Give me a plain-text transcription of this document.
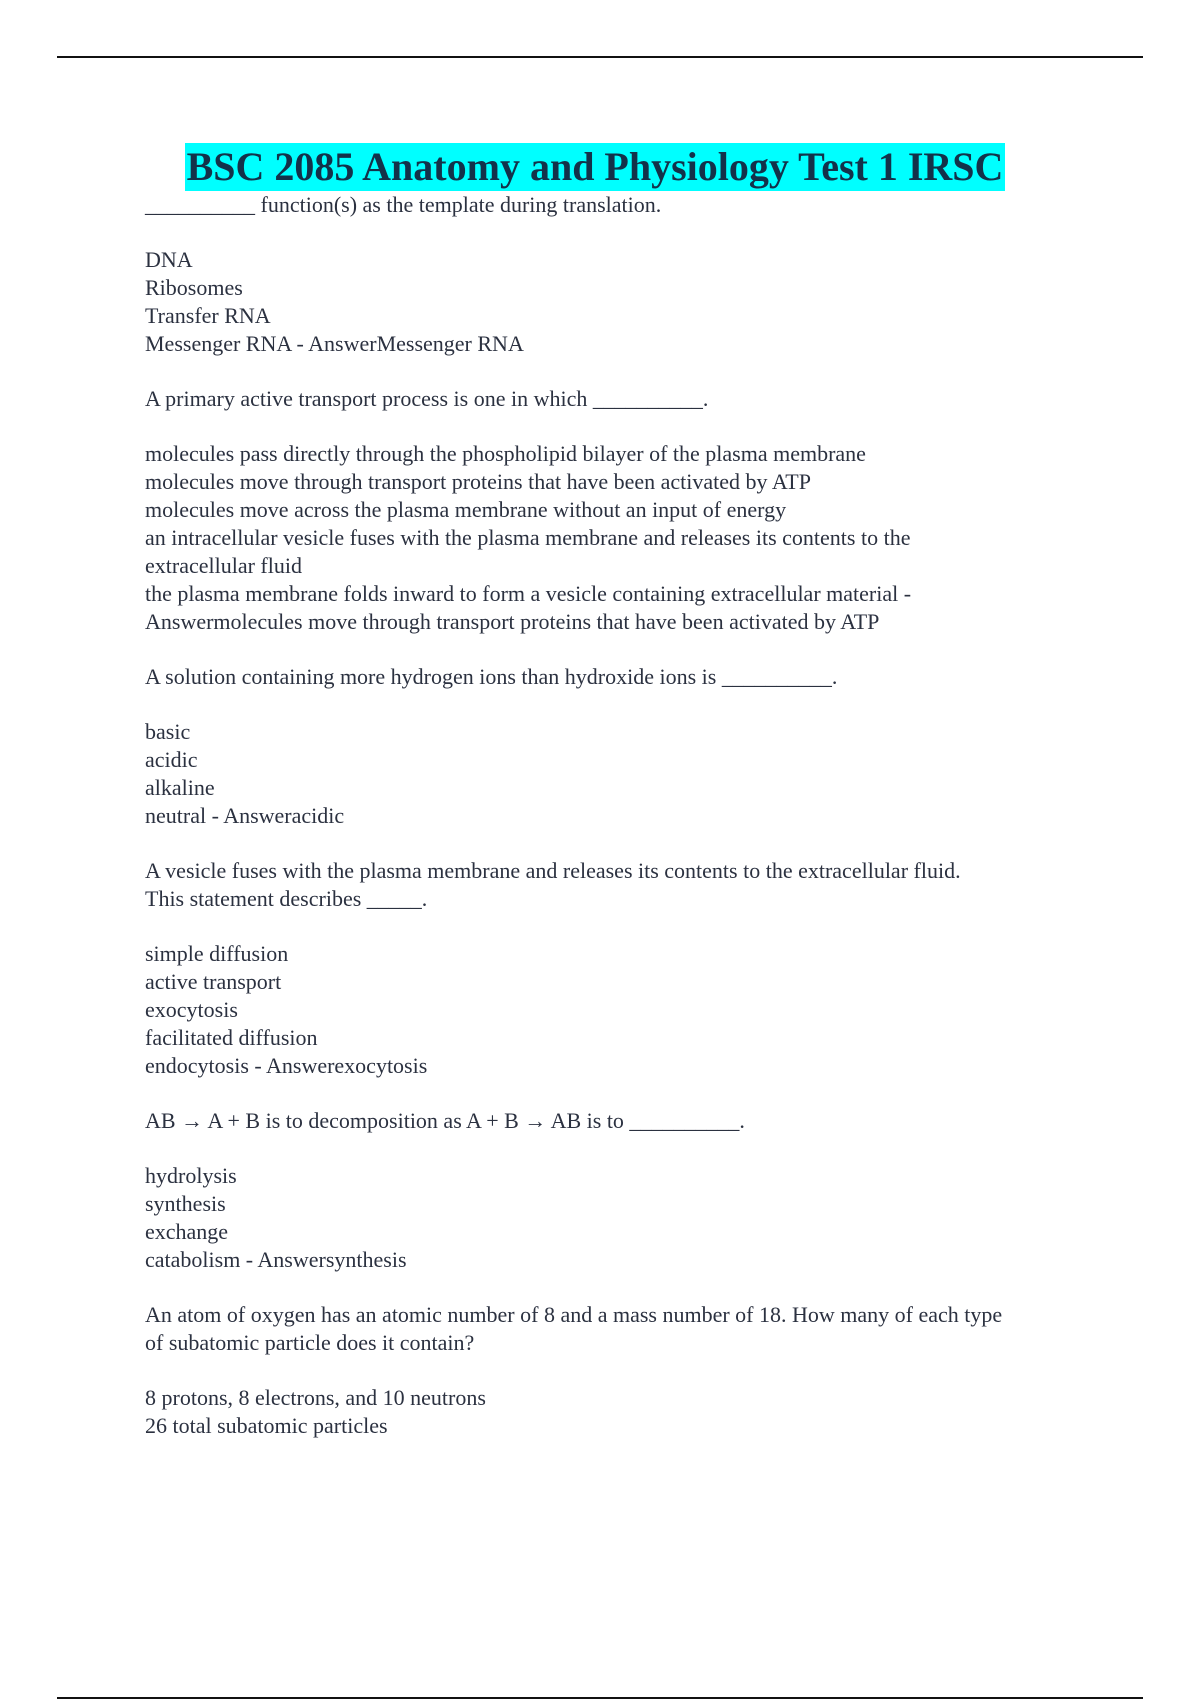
BSC 2085 Anatomy and Physiology Test 1 IRSC
__________ function(s) as the template during translation.
DNA
Ribosomes
Transfer RNA
Messenger RNA - AnswerMessenger RNA
A primary active transport process is one in which __________.
molecules pass directly through the phospholipid bilayer of the plasma membrane
molecules move through transport proteins that have been activated by ATP
molecules move across the plasma membrane without an input of energy
an intracellular vesicle fuses with the plasma membrane and releases its contents to the
extracellular fluid
the plasma membrane folds inward to form a vesicle containing extracellular material -
Answermolecules move through transport proteins that have been activated by ATP
A solution containing more hydrogen ions than hydroxide ions is __________.
basic
acidic
alkaline
neutral - Answeracidic
A vesicle fuses with the plasma membrane and releases its contents to the extracellular fluid.
This statement describes _____.
simple diffusion
active transport
exocytosis
facilitated diffusion
endocytosis - Answerexocytosis
AB → A + B is to decomposition as A + B → AB is to __________.
hydrolysis
synthesis
exchange
catabolism - Answersynthesis
An atom of oxygen has an atomic number of 8 and a mass number of 18. How many of each type
of subatomic particle does it contain?
8 protons, 8 electrons, and 10 neutrons
26 total subatomic particles
